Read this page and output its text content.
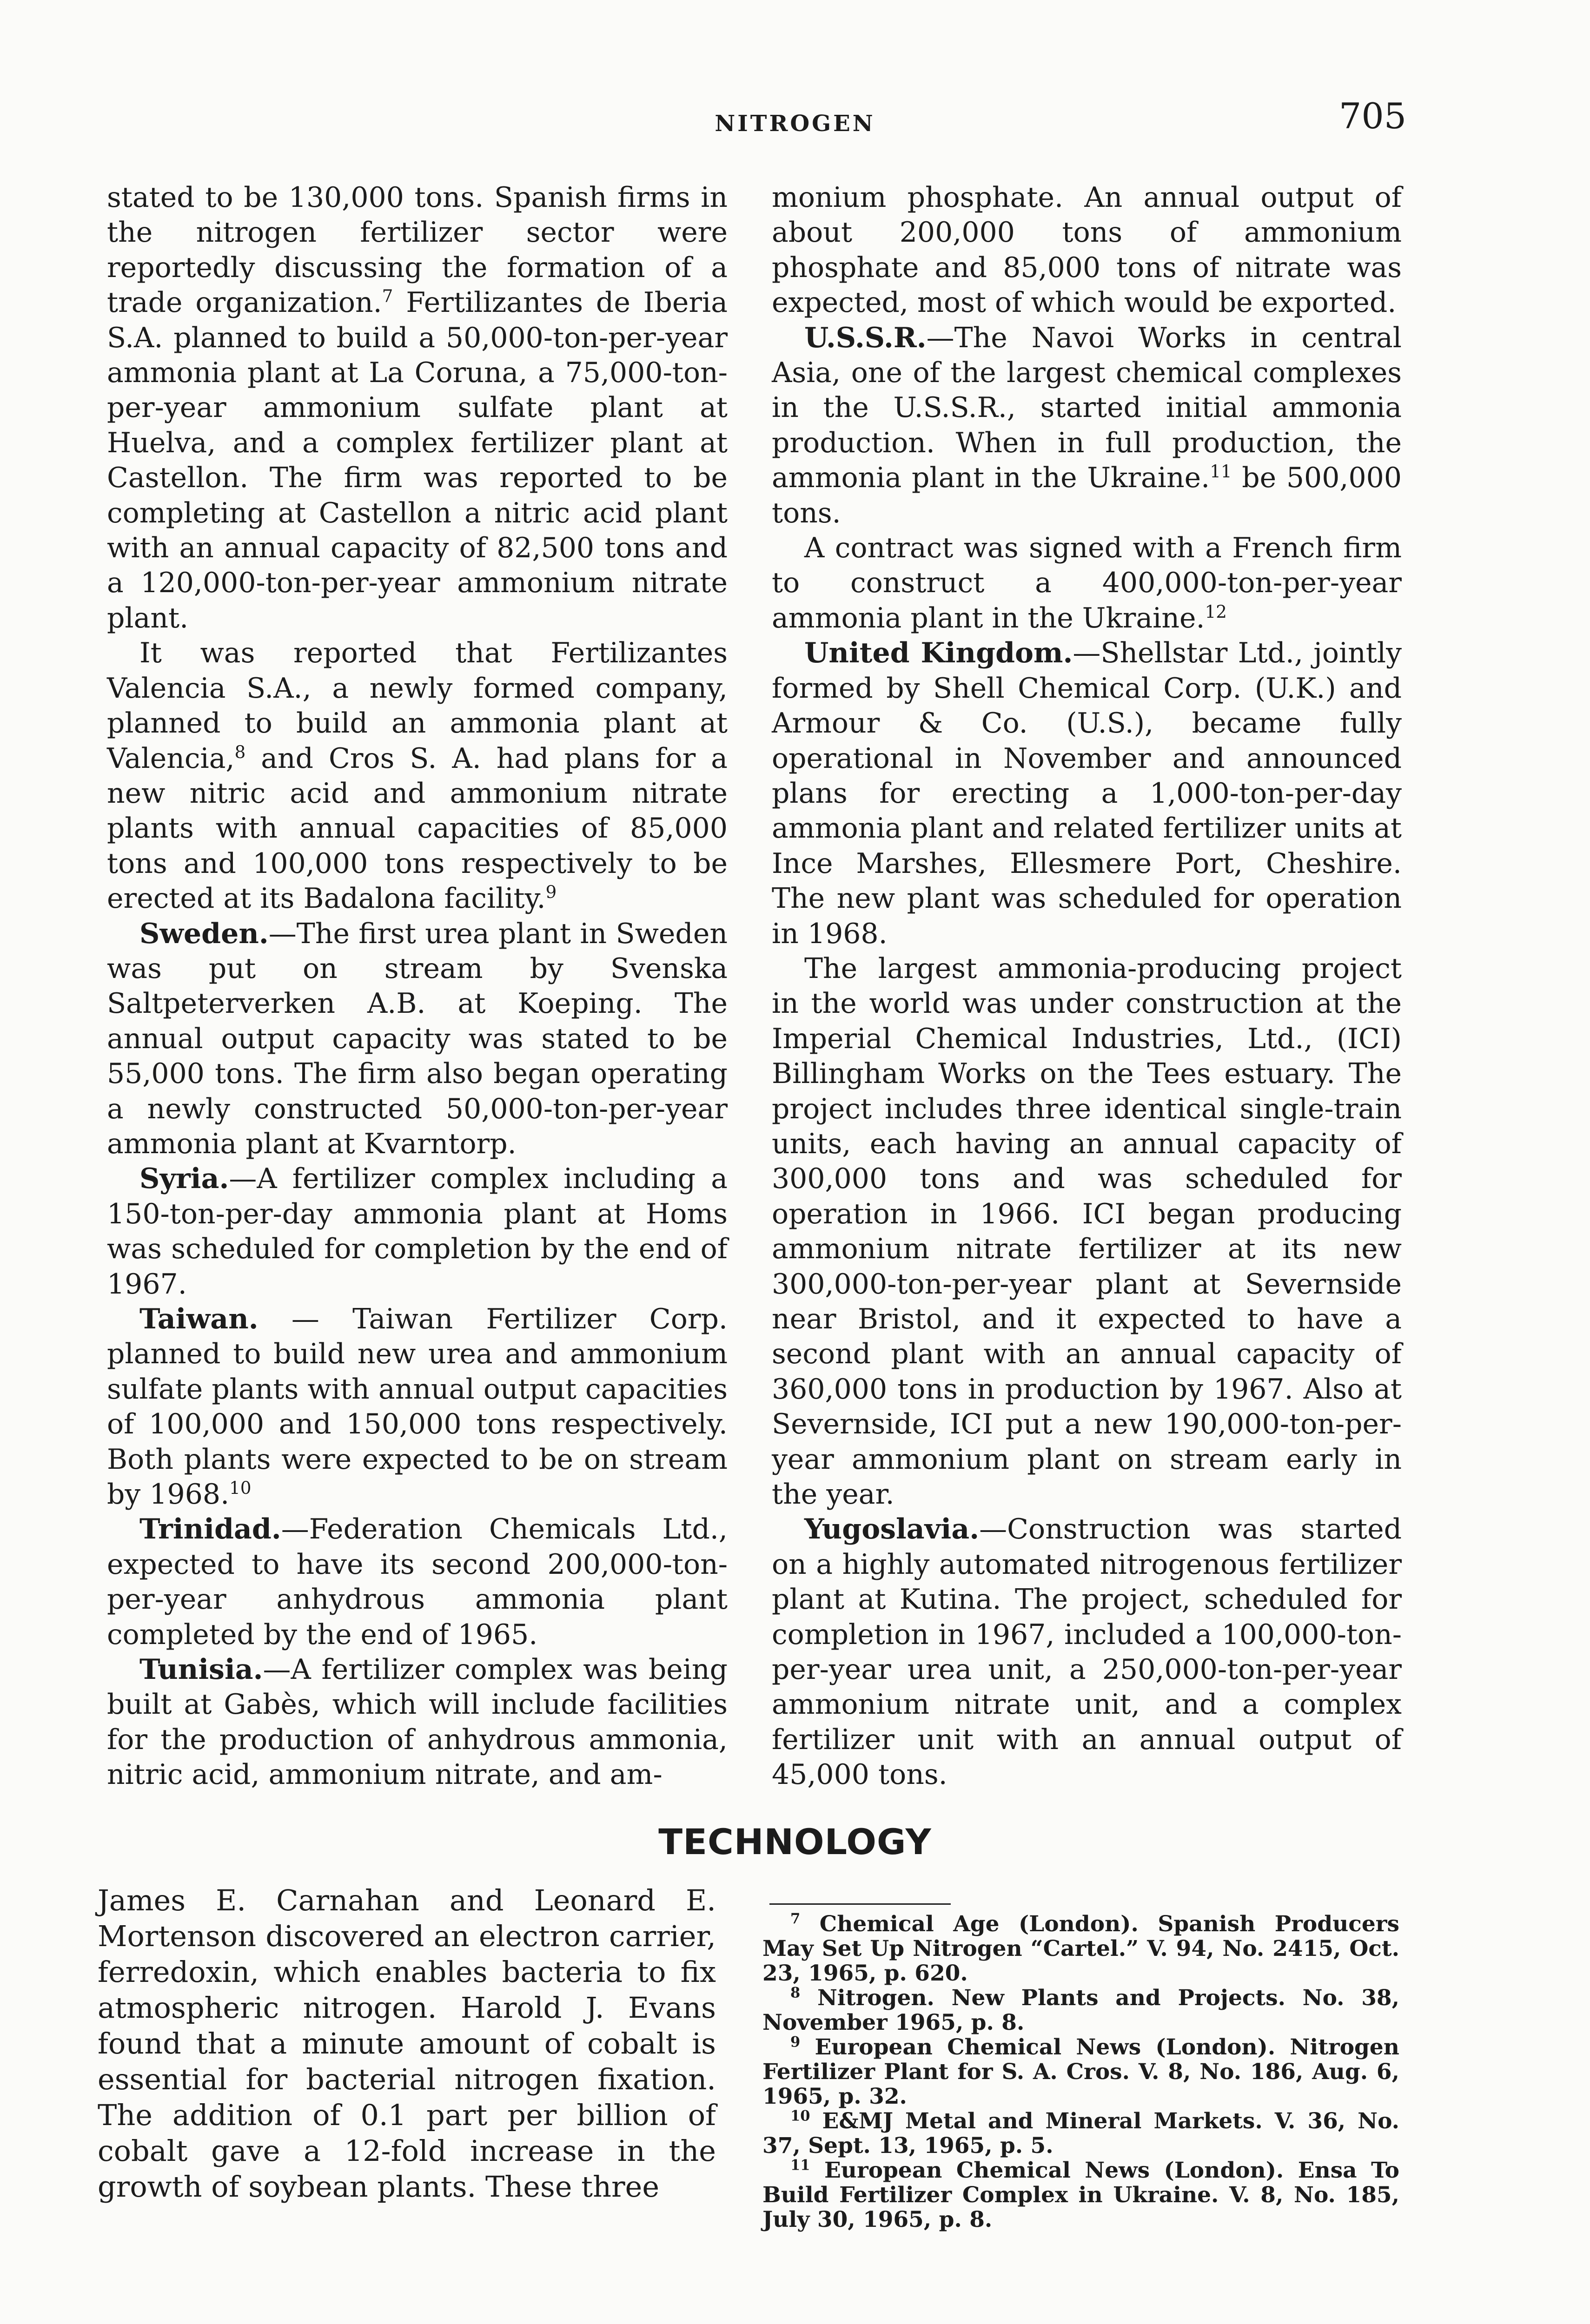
NITROGEN	705

stated to be 130,000 tons. Spanish firms in the nitrogen fertilizer sector were reportedly discussing the formation of a trade organization.$^7$ Fertilizantes de Iberia S.A. planned to build a 50,000-ton-per-year ammonia plant at La Coruna, a 75,000-ton-per-year ammonium sulfate plant at Huelva, and a complex fertilizer plant at Castellon. The firm was reported to be completing at Castellon a nitric acid plant with an annual capacity of 82,500 tons and a 120,000-ton-per-year ammonium nitrate plant.

It was reported that Fertilizantes Valencia S.A., a newly formed company, planned to build an ammonia plant at Valencia,$^8$ and Cros S. A. had plans for a new nitric acid and ammonium nitrate plants with annual capacities of 85,000 tons and 100,000 tons respectively to be erected at its Badalona facility.$^9$

Sweden.—The first urea plant in Sweden was put on stream by Svenska Saltpeterverken A.B. at Koeping. The annual output capacity was stated to be 55,000 tons. The firm also began operating a newly constructed 50,000-ton-per-year ammonia plant at Kvarntorp.

Syria.—A fertilizer complex including a 150-ton-per-day ammonia plant at Homs was scheduled for completion by the end of 1967.

Taiwan. — Taiwan Fertilizer Corp. planned to build new urea and ammonium sulfate plants with annual output capacities of 100,000 and 150,000 tons respectively. Both plants were expected to be on stream by 1968.10

Trinidad.—Federation Chemicals Ltd., expected to have its second 200,000-ton-per-year anhydrous ammonia plant completed by the end of 1965.

Tunisia.—A fertilizer complex was being built at Gabès, which will include facilities for the production of anhydrous ammonia, nitric acid, ammonium nitrate, and am-

monium phosphate. An annual output of about 200,000 tons of ammonium phosphate and 85,000 tons of nitrate was expected, most of which would be exported.

U.S.S.R.—The Navoi Works in central Asia, one of the largest chemical complexes in the U.S.S.R., started initial ammonia production. When in full production, the ammonia plant in the Ukraine.$^{11}$ be 500,000 tons.

A contract was signed with a French firm to construct a 400,000-ton-per-year ammonia plant in the Ukraine.$^{12}$

United Kingdom.—Shellstar Ltd., jointly formed by Shell Chemical Corp. (U.K.) and Armour & Co. (U.S.), became fully operational in November and announced plans for erecting a 1,000-ton-per-day ammonia plant and related fertilizer units at Ince Marshes, Ellesmere Port, Cheshire. The new plant was scheduled for operation in 1968.

The largest ammonia-producing project in the world was under construction at the Imperial Chemical Industries, Ltd., (ICI) Billingham Works on the Tees estuary. The project includes three identical single-train units, each having an annual capacity of 300,000 tons and was scheduled for operation in 1966. ICI began producing ammonium nitrate fertilizer at its new 300,000-ton-per-year plant at Severnside near Bristol, and it expected to have a second plant with an annual capacity of 360,000 tons in production by 1967. Also at Severnside, ICI put a new 190,000-ton-per-year ammonium plant on stream early in the year.

Yugoslavia.—Construction was started on a highly automated nitrogenous fertilizer plant at Kutina. The project, scheduled for completion in 1967, included a 100,000-ton-per-year urea unit, a 250,000-ton-per-year ammonium nitrate unit, and a complex fertilizer unit with an annual output of 45,000 tons.

TECHNOLOGY

James E. Carnahan and Leonard E. Mortenson discovered an electron carrier, ferredoxin, which enables bacteria to fix atmospheric nitrogen. Harold J. Evans found that a minute amount of cobalt is essential for bacterial nitrogen fixation. The addition of 0.1 part per billion of cobalt gave a 12-fold increase in the growth of soybean plants. These three

$^7$ Chemical Age (London). Spanish Producers May Set Up Nitrogen “Cartel.” V. 94, No. 2415, Oct. 23, 1965, p. 620.

$^8$ Nitrogen. New Plants and Projects. No. 38, November 1965, p. 8.

$^9$ European Chemical News (London). Nitrogen Fertilizer Plant for S. A. Cros. V. 8, No. 186, Aug. 6, 1965, p. 32.

$^{10}$ E&MJ Metal and Mineral Markets. V. 36, No. 37, Sept. 13, 1965, p. 5.

$^{11}$ European Chemical News (London). Ensa To Build Fertilizer Complex in Ukraine. V. 8, No. 185, July 30, 1965, p. 8.
